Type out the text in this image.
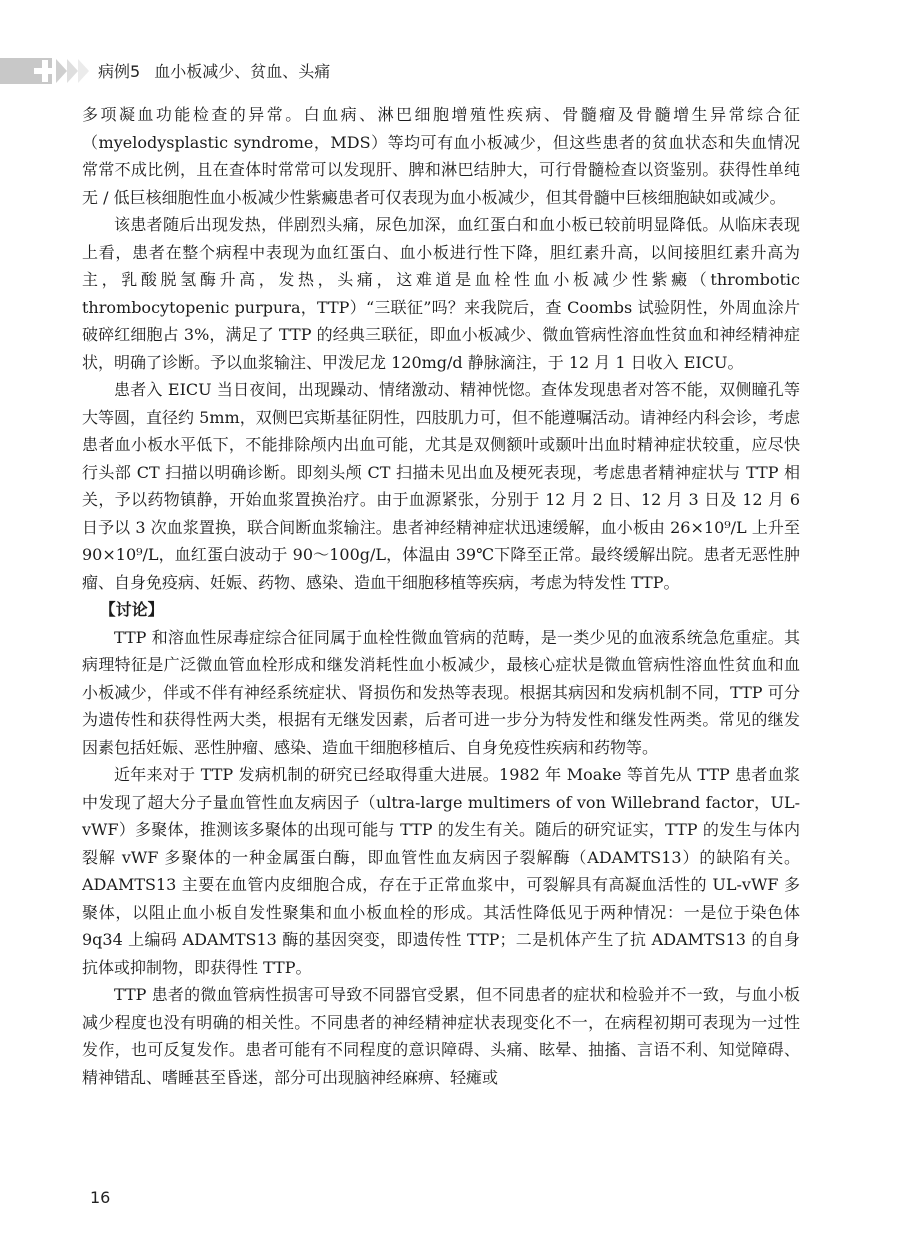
病例5 血小板减少、贫血、头痛

多项凝血功能检查的异常。白血病、淋巴细胞增殖性疾病、骨髓瘤及骨髓增生异常综合征（myelodysplastic syndrome，MDS）等均可有血小板减少，但这些患者的贫血状态和失血情况常常不成比例，且在查体时常常可以发现肝、脾和淋巴结肿大，可行骨髓检查以资鉴别。获得性单纯无 / 低巨核细胞性血小板减少性紫癜患者可仅表现为血小板减少，但其骨髓中巨核细胞缺如或减少。

该患者随后出现发热，伴剧烈头痛，尿色加深，血红蛋白和血小板已较前明显降低。从临床表现上看，患者在整个病程中表现为血红蛋白、血小板进行性下降，胆红素升高，以间接胆红素升高为主，乳酸脱氢酶升高，发热，头痛，这难道是血栓性血小板减少性紫癜（thrombotic thrombocytopenic purpura，TTP）“三联征”吗？来我院后，查 Coombs 试验阴性，外周血涂片破碎红细胞占 3%，满足了 TTP 的经典三联征，即血小板减少、微血管病性溶血性贫血和神经精神症状，明确了诊断。予以血浆输注、甲泼尼龙 120mg/d 静脉滴注，于 12 月 1 日收入 EICU。

患者入 EICU 当日夜间，出现躁动、情绪激动、精神恍惚。查体发现患者对答不能，双侧瞳孔等大等圆，直径约 5mm，双侧巴宾斯基征阴性，四肢肌力可，但不能遵嘱活动。请神经内科会诊，考虑患者血小板水平低下，不能排除颅内出血可能，尤其是双侧额叶或颞叶出血时精神症状较重，应尽快行头部 CT 扫描以明确诊断。即刻头颅 CT 扫描未见出血及梗死表现，考虑患者精神症状与 TTP 相关，予以药物镇静，开始血浆置换治疗。由于血源紧张，分别于 12 月 2 日、12 月 3 日及 12 月 6 日予以 3 次血浆置换，联合间断血浆输注。患者神经精神症状迅速缓解，血小板由 26×10⁹/L 上升至 90×10⁹/L，血红蛋白波动于 90～100g/L，体温由 39℃下降至正常。最终缓解出院。患者无恶性肿瘤、自身免疫病、妊娠、药物、感染、造血干细胞移植等疾病，考虑为特发性 TTP。

【讨论】

TTP 和溶血性尿毒症综合征同属于血栓性微血管病的范畴，是一类少见的血液系统急危重症。其病理特征是广泛微血管血栓形成和继发消耗性血小板减少，最核心症状是微血管病性溶血性贫血和血小板减少，伴或不伴有神经系统症状、肾损伤和发热等表现。根据其病因和发病机制不同，TTP 可分为遗传性和获得性两大类，根据有无继发因素，后者可进一步分为特发性和继发性两类。常见的继发因素包括妊娠、恶性肿瘤、感染、造血干细胞移植后、自身免疫性疾病和药物等。

近年来对于 TTP 发病机制的研究已经取得重大进展。1982 年 Moake 等首先从 TTP 患者血浆中发现了超大分子量血管性血友病因子（ultra-large multimers of von Willebrand factor，UL-vWF）多聚体，推测该多聚体的出现可能与 TTP 的发生有关。随后的研究证实，TTP 的发生与体内裂解 vWF 多聚体的一种金属蛋白酶，即血管性血友病因子裂解酶（ADAMTS13）的缺陷有关。ADAMTS13 主要在血管内皮细胞合成，存在于正常血浆中，可裂解具有高凝血活性的 UL-vWF 多聚体，以阻止血小板自发性聚集和血小板血栓的形成。其活性降低见于两种情况：一是位于染色体 9q34 上编码 ADAMTS13 酶的基因突变，即遗传性 TTP；二是机体产生了抗 ADAMTS13 的自身抗体或抑制物，即获得性 TTP。

TTP 患者的微血管病性损害可导致不同器官受累，但不同患者的症状和检验并不一致，与血小板减少程度也没有明确的相关性。不同患者的神经精神症状表现变化不一，在病程初期可表现为一过性发作，也可反复发作。患者可能有不同程度的意识障碍、头痛、眩晕、抽搐、言语不利、知觉障碍、精神错乱、嗜睡甚至昏迷，部分可出现脑神经麻痹、轻瘫或

16
